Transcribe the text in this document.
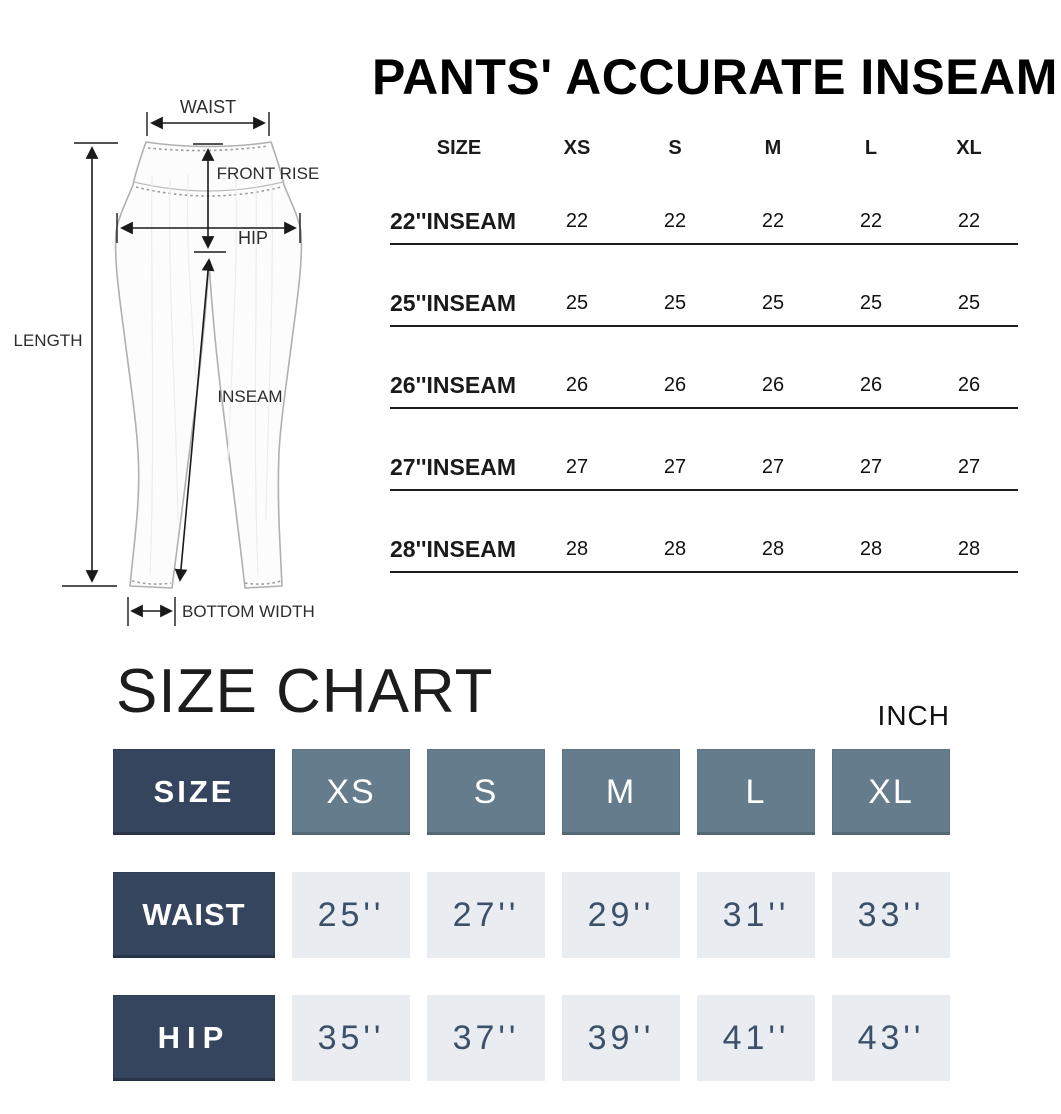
WAIST
FRONT RISE
HIP
LENGTH
INSEAM
BOTTOM WIDTH
PANTS' ACCURATE INSEAM
SIZE	XS	S	M	L	XL
22''INSEAM	22	22	22	22	22
25''INSEAM	25	25	25	25	25
26''INSEAM	26	26	26	26	26
27''INSEAM	27	27	27	27	27
28''INSEAM	28	28	28	28	28
SIZE CHART	INCH
SIZE	XS	S	M	L	XL
WAIST	25''	27''	29''	31''	33''
HIP	35''	37''	39''	41''	43''
